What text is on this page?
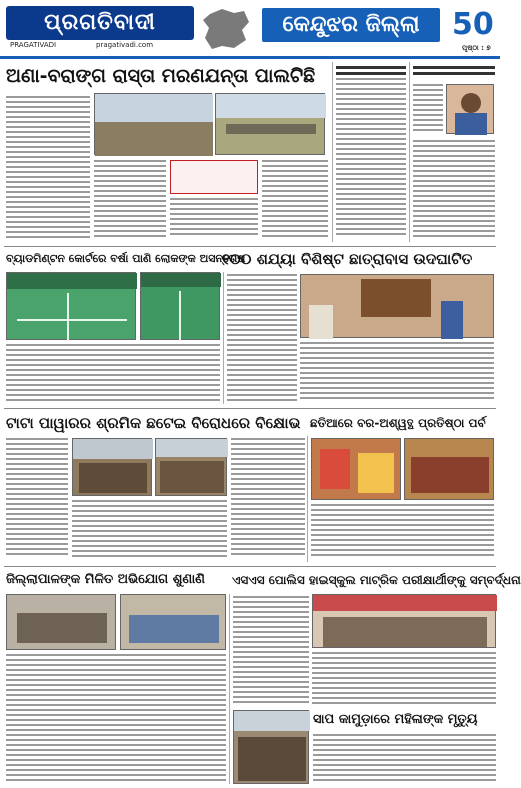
ପ୍ରଗତିବାଦୀ
PRAGATIVADI	pragativadi.com
କେନ୍ଦୁଝର ଜିଲ୍ଲା	50
ପୃଷ୍ଠା : ୭
ଅଣା-ବରାଙ୍ଗ ରାସ୍ତା ମରଣଯନ୍ତା ପାଲଟିଛି
ବ୍ୟାଡମିଣ୍ଟନ କୋର୍ଟରେ ବର୍ଷା ପାଣି ଲୋକଙ୍କ ଅସନ୍ତୋଷ
୧୦୦ ଶଯ୍ୟା ବିଶିଷ୍ଟ ଛାତ୍ରାବାସ ଉଦଘାଟିତ
ଟାଟା ପାୱାରର ଶ୍ରମିକ ଛଟେଇ ବିରୋଧରେ ବିକ୍ଷୋଭ ଛତିଆରେ ବର-ଅଶ୍ୱତ୍ଥ ପ୍ରତିଷ୍ଠା ପର୍ବ
ଜିଲ୍ଲାପାଳଙ୍କ ମିଳିତ ଅଭିଯୋଗ ଶୁଣାଣି	ଏସଏସ ପୋଲିସ ହାଇସ୍କୁଲ ମାଟ୍ରିକ ପରୀକ୍ଷାର୍ଥୀଙ୍କୁ ସମ୍ବର୍ଦ୍ଧନା
ସାପ କାମୁଡ଼ାରେ ମହିଳାଙ୍କ ମୃତ୍ୟୁ
